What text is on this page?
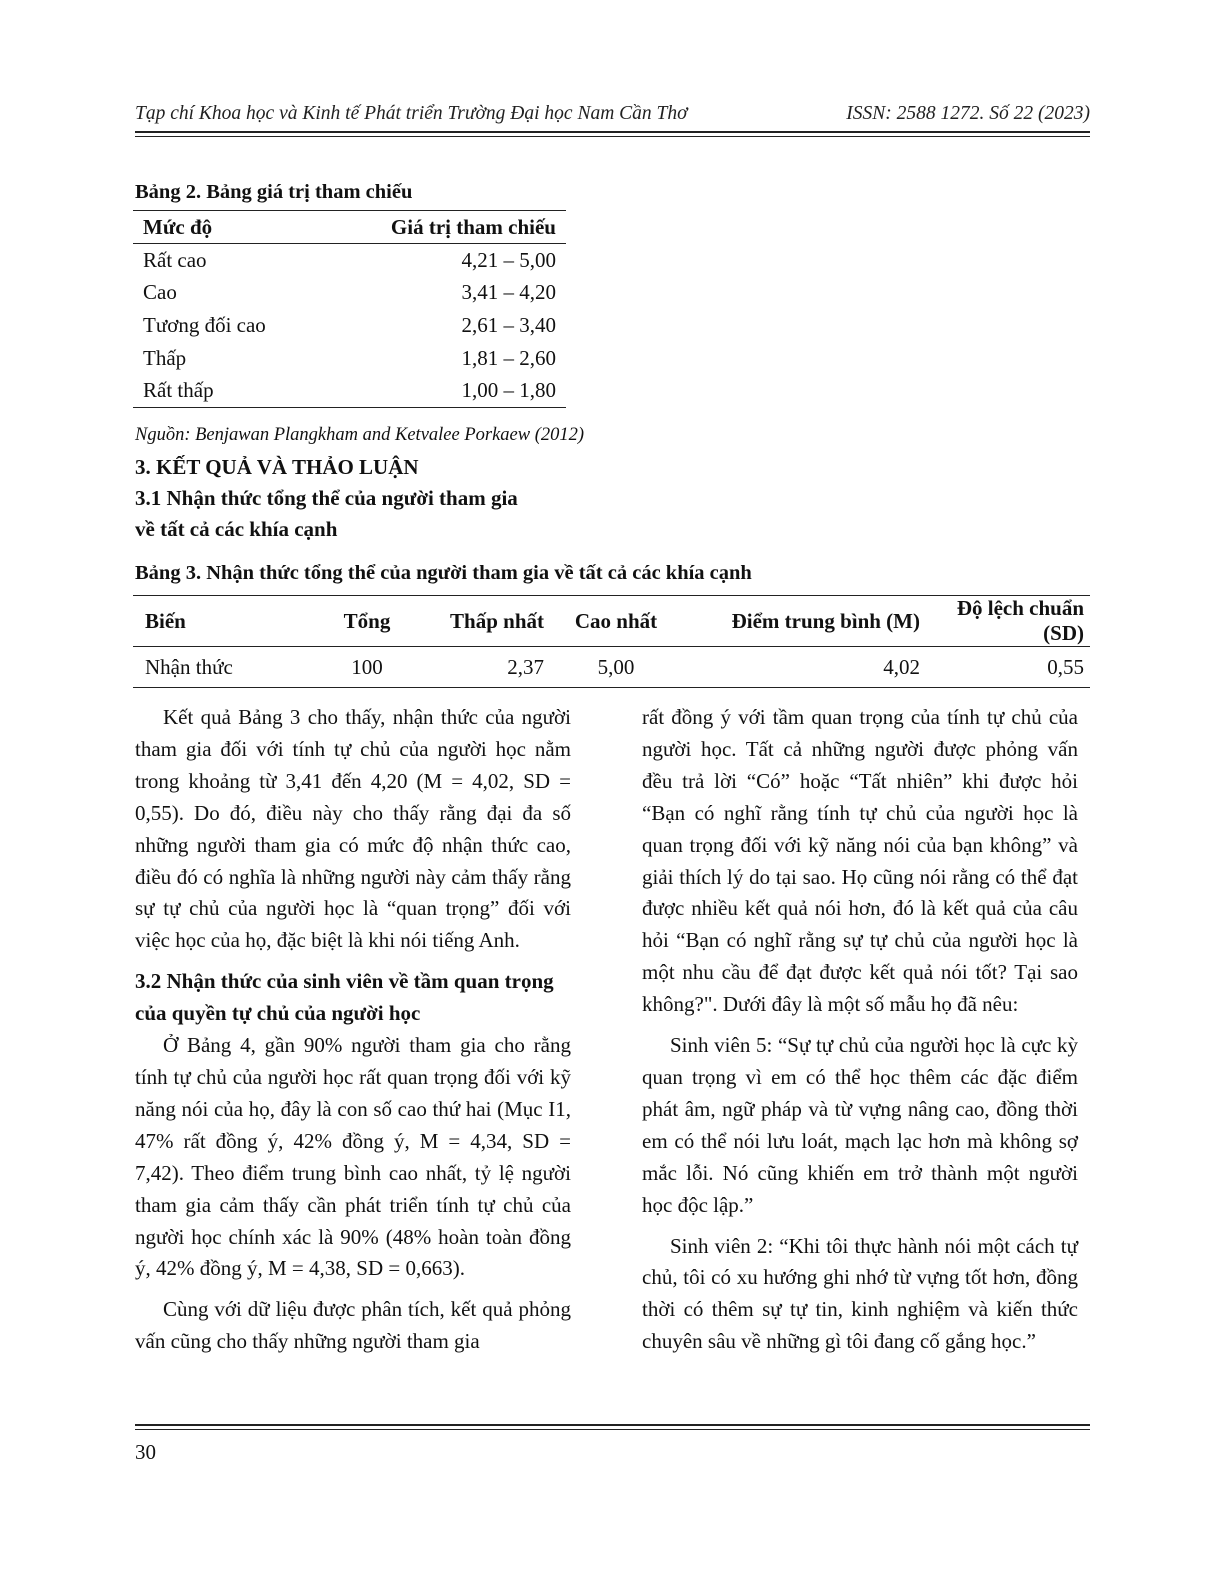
Tạp chí Khoa học và Kinh tế Phát triển Trường Đại học Nam Cần Thơ	ISSN: 2588 1272. Số 22 (2023)
Bảng 2. Bảng giá trị tham chiếu
Mức độ	Giá trị tham chiếu
Rất cao	4,21 – 5,00
Cao	3,41 – 4,20
Tương đối cao	2,61 – 3,40
Thấp	1,81 – 2,60
Rất thấp	1,00 – 1,80
Nguồn: Benjawan Plangkham and Ketvalee Porkaew (2012)
3. KẾT QUẢ VÀ THẢO LUẬN
3.1 Nhận thức tổng thể của người tham gia
về tất cả các khía cạnh
Bảng 3. Nhận thức tổng thể của người tham gia về tất cả các khía cạnh
Biến	Tổng	Thấp nhất	Cao nhất	Điểm trung bình (M)	Độ lệch chuẩn (SD)
Nhận thức	100	2,37	5,00	4,02	0,55

Kết quả Bảng 3 cho thấy, nhận thức của người tham gia đối với tính tự chủ của người học nằm trong khoảng từ 3,41 đến 4,20 (M = 4,02, SD = 0,55). Do đó, điều này cho thấy rằng đại đa số những người tham gia có mức độ nhận thức cao, điều đó có nghĩa là những người này cảm thấy rằng sự tự chủ của người học là “quan trọng” đối với việc học của họ, đặc biệt là khi nói tiếng Anh.

3.2 Nhận thức của sinh viên về tầm quan trọng của quyền tự chủ của người học

Ở Bảng 4, gần 90% người tham gia cho rằng tính tự chủ của người học rất quan trọng đối với kỹ năng nói của họ, đây là con số cao thứ hai (Mục I1, 47% rất đồng ý, 42% đồng ý, M = 4,34, SD = 7,42). Theo điểm trung bình cao nhất, tỷ lệ người tham gia cảm thấy cần phát triển tính tự chủ của người học chính xác là 90% (48% hoàn toàn đồng ý, 42% đồng ý, M = 4,38, SD = 0,663).

Cùng với dữ liệu được phân tích, kết quả phỏng vấn cũng cho thấy những người tham gia

rất đồng ý với tầm quan trọng của tính tự chủ của người học. Tất cả những người được phỏng vấn đều trả lời “Có” hoặc “Tất nhiên” khi được hỏi “Bạn có nghĩ rằng tính tự chủ của người học là quan trọng đối với kỹ năng nói của bạn không” và giải thích lý do tại sao. Họ cũng nói rằng có thể đạt được nhiều kết quả nói hơn, đó là kết quả của câu hỏi “Bạn có nghĩ rằng sự tự chủ của người học là một nhu cầu để đạt được kết quả nói tốt? Tại sao không?". Dưới đây là một số mẫu họ đã nêu:

Sinh viên 5: “Sự tự chủ của người học là cực kỳ quan trọng vì em có thể học thêm các đặc điểm phát âm, ngữ pháp và từ vựng nâng cao, đồng thời em có thể nói lưu loát, mạch lạc hơn mà không sợ mắc lỗi. Nó cũng khiến em trở thành một người học độc lập.”

Sinh viên 2: “Khi tôi thực hành nói một cách tự chủ, tôi có xu hướng ghi nhớ từ vựng tốt hơn, đồng thời có thêm sự tự tin, kinh nghiệm và kiến thức chuyên sâu về những gì tôi đang cố gắng học.”

30
